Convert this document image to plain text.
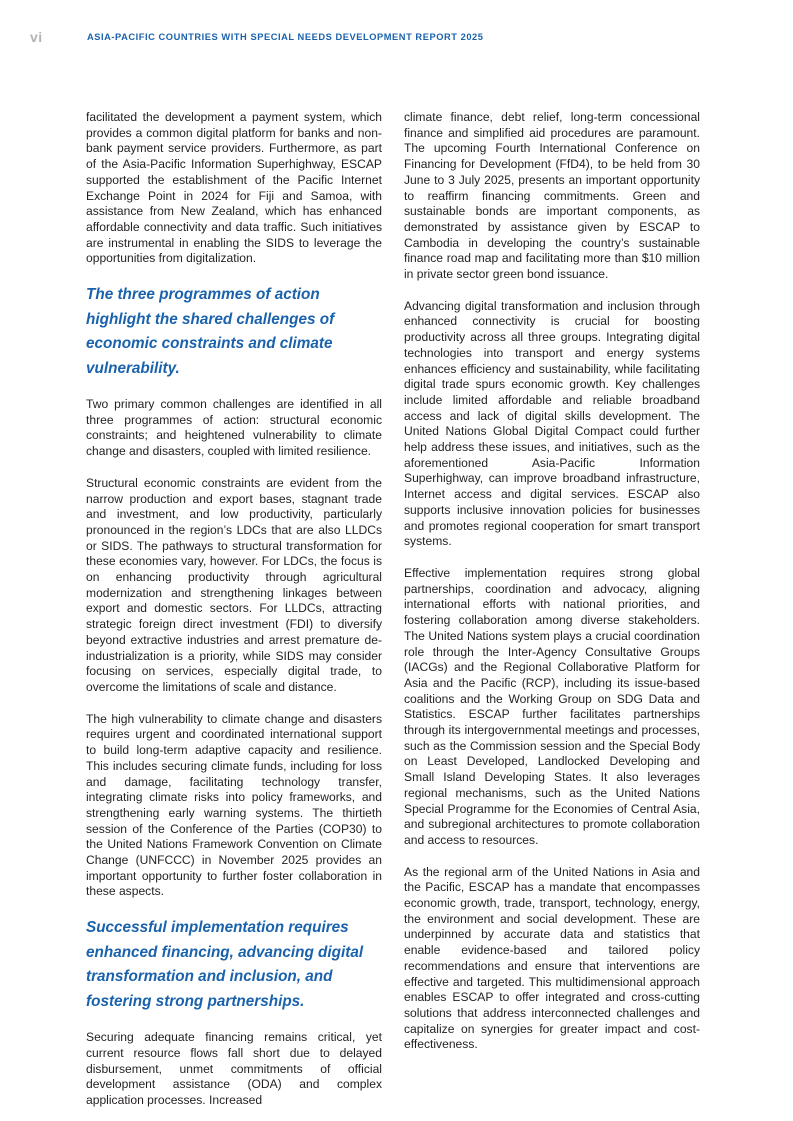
vi	ASIA-PACIFIC COUNTRIES WITH SPECIAL NEEDS DEVELOPMENT REPORT 2025

facilitated the development a payment system, which provides a common digital platform for banks and non-bank payment service providers. Furthermore, as part of the Asia-Pacific Information Superhighway, ESCAP supported the establishment of the Pacific Internet Exchange Point in 2024 for Fiji and Samoa, with assistance from New Zealand, which has enhanced affordable connectivity and data traffic. Such initiatives are instrumental in enabling the SIDS to leverage the opportunities from digitalization.

The three programmes of action highlight the shared challenges of economic constraints and climate vulnerability.

Two primary common challenges are identified in all three programmes of action: structural economic constraints; and heightened vulnerability to climate change and disasters, coupled with limited resilience.

Structural economic constraints are evident from the narrow production and export bases, stagnant trade and investment, and low productivity, particularly pronounced in the region’s LDCs that are also LLDCs or SIDS. The pathways to structural transformation for these economies vary, however. For LDCs, the focus is on enhancing productivity through agricultural modernization and strengthening linkages between export and domestic sectors. For LLDCs, attracting strategic foreign direct investment (FDI) to diversify beyond extractive industries and arrest premature de-industrialization is a priority, while SIDS may consider focusing on services, especially digital trade, to overcome the limitations of scale and distance.

The high vulnerability to climate change and disasters requires urgent and coordinated international support to build long-term adaptive capacity and resilience. This includes securing climate funds, including for loss and damage, facilitating technology transfer, integrating climate risks into policy frameworks, and strengthening early warning systems. The thirtieth session of the Conference of the Parties (COP30) to the United Nations Framework Convention on Climate Change (UNFCCC) in November 2025 provides an important opportunity to further foster collaboration in these aspects.

Successful implementation requires enhanced financing, advancing digital transformation and inclusion, and fostering strong partnerships.

Securing adequate financing remains critical, yet current resource flows fall short due to delayed disbursement, unmet commitments of official development assistance (ODA) and complex application processes. Increased

climate finance, debt relief, long-term concessional finance and simplified aid procedures are paramount. The upcoming Fourth International Conference on Financing for Development (FfD4), to be held from 30 June to 3 July 2025, presents an important opportunity to reaffirm financing commitments. Green and sustainable bonds are important components, as demonstrated by assistance given by ESCAP to Cambodia in developing the country’s sustainable finance road map and facilitating more than $10 million in private sector green bond issuance.

Advancing digital transformation and inclusion through enhanced connectivity is crucial for boosting productivity across all three groups. Integrating digital technologies into transport and energy systems enhances efficiency and sustainability, while facilitating digital trade spurs economic growth. Key challenges include limited affordable and reliable broadband access and lack of digital skills development. The United Nations Global Digital Compact could further help address these issues, and initiatives, such as the aforementioned Asia-Pacific Information Superhighway, can improve broadband infrastructure, Internet access and digital services. ESCAP also supports inclusive innovation policies for businesses and promotes regional cooperation for smart transport systems.

Effective implementation requires strong global partnerships, coordination and advocacy, aligning international efforts with national priorities, and fostering collaboration among diverse stakeholders. The United Nations system plays a crucial coordination role through the Inter-Agency Consultative Groups (IACGs) and the Regional Collaborative Platform for Asia and the Pacific (RCP), including its issue-based coalitions and the Working Group on SDG Data and Statistics. ESCAP further facilitates partnerships through its intergovernmental meetings and processes, such as the Commission session and the Special Body on Least Developed, Landlocked Developing and Small Island Developing States. It also leverages regional mechanisms, such as the United Nations Special Programme for the Economies of Central Asia, and subregional architectures to promote collaboration and access to resources.

As the regional arm of the United Nations in Asia and the Pacific, ESCAP has a mandate that encompasses economic growth, trade, transport, technology, energy, the environment and social development. These are underpinned by accurate data and statistics that enable evidence-based and tailored policy recommendations and ensure that interventions are effective and targeted. This multidimensional approach enables ESCAP to offer integrated and cross-cutting solutions that address interconnected challenges and capitalize on synergies for greater impact and cost-effectiveness.
